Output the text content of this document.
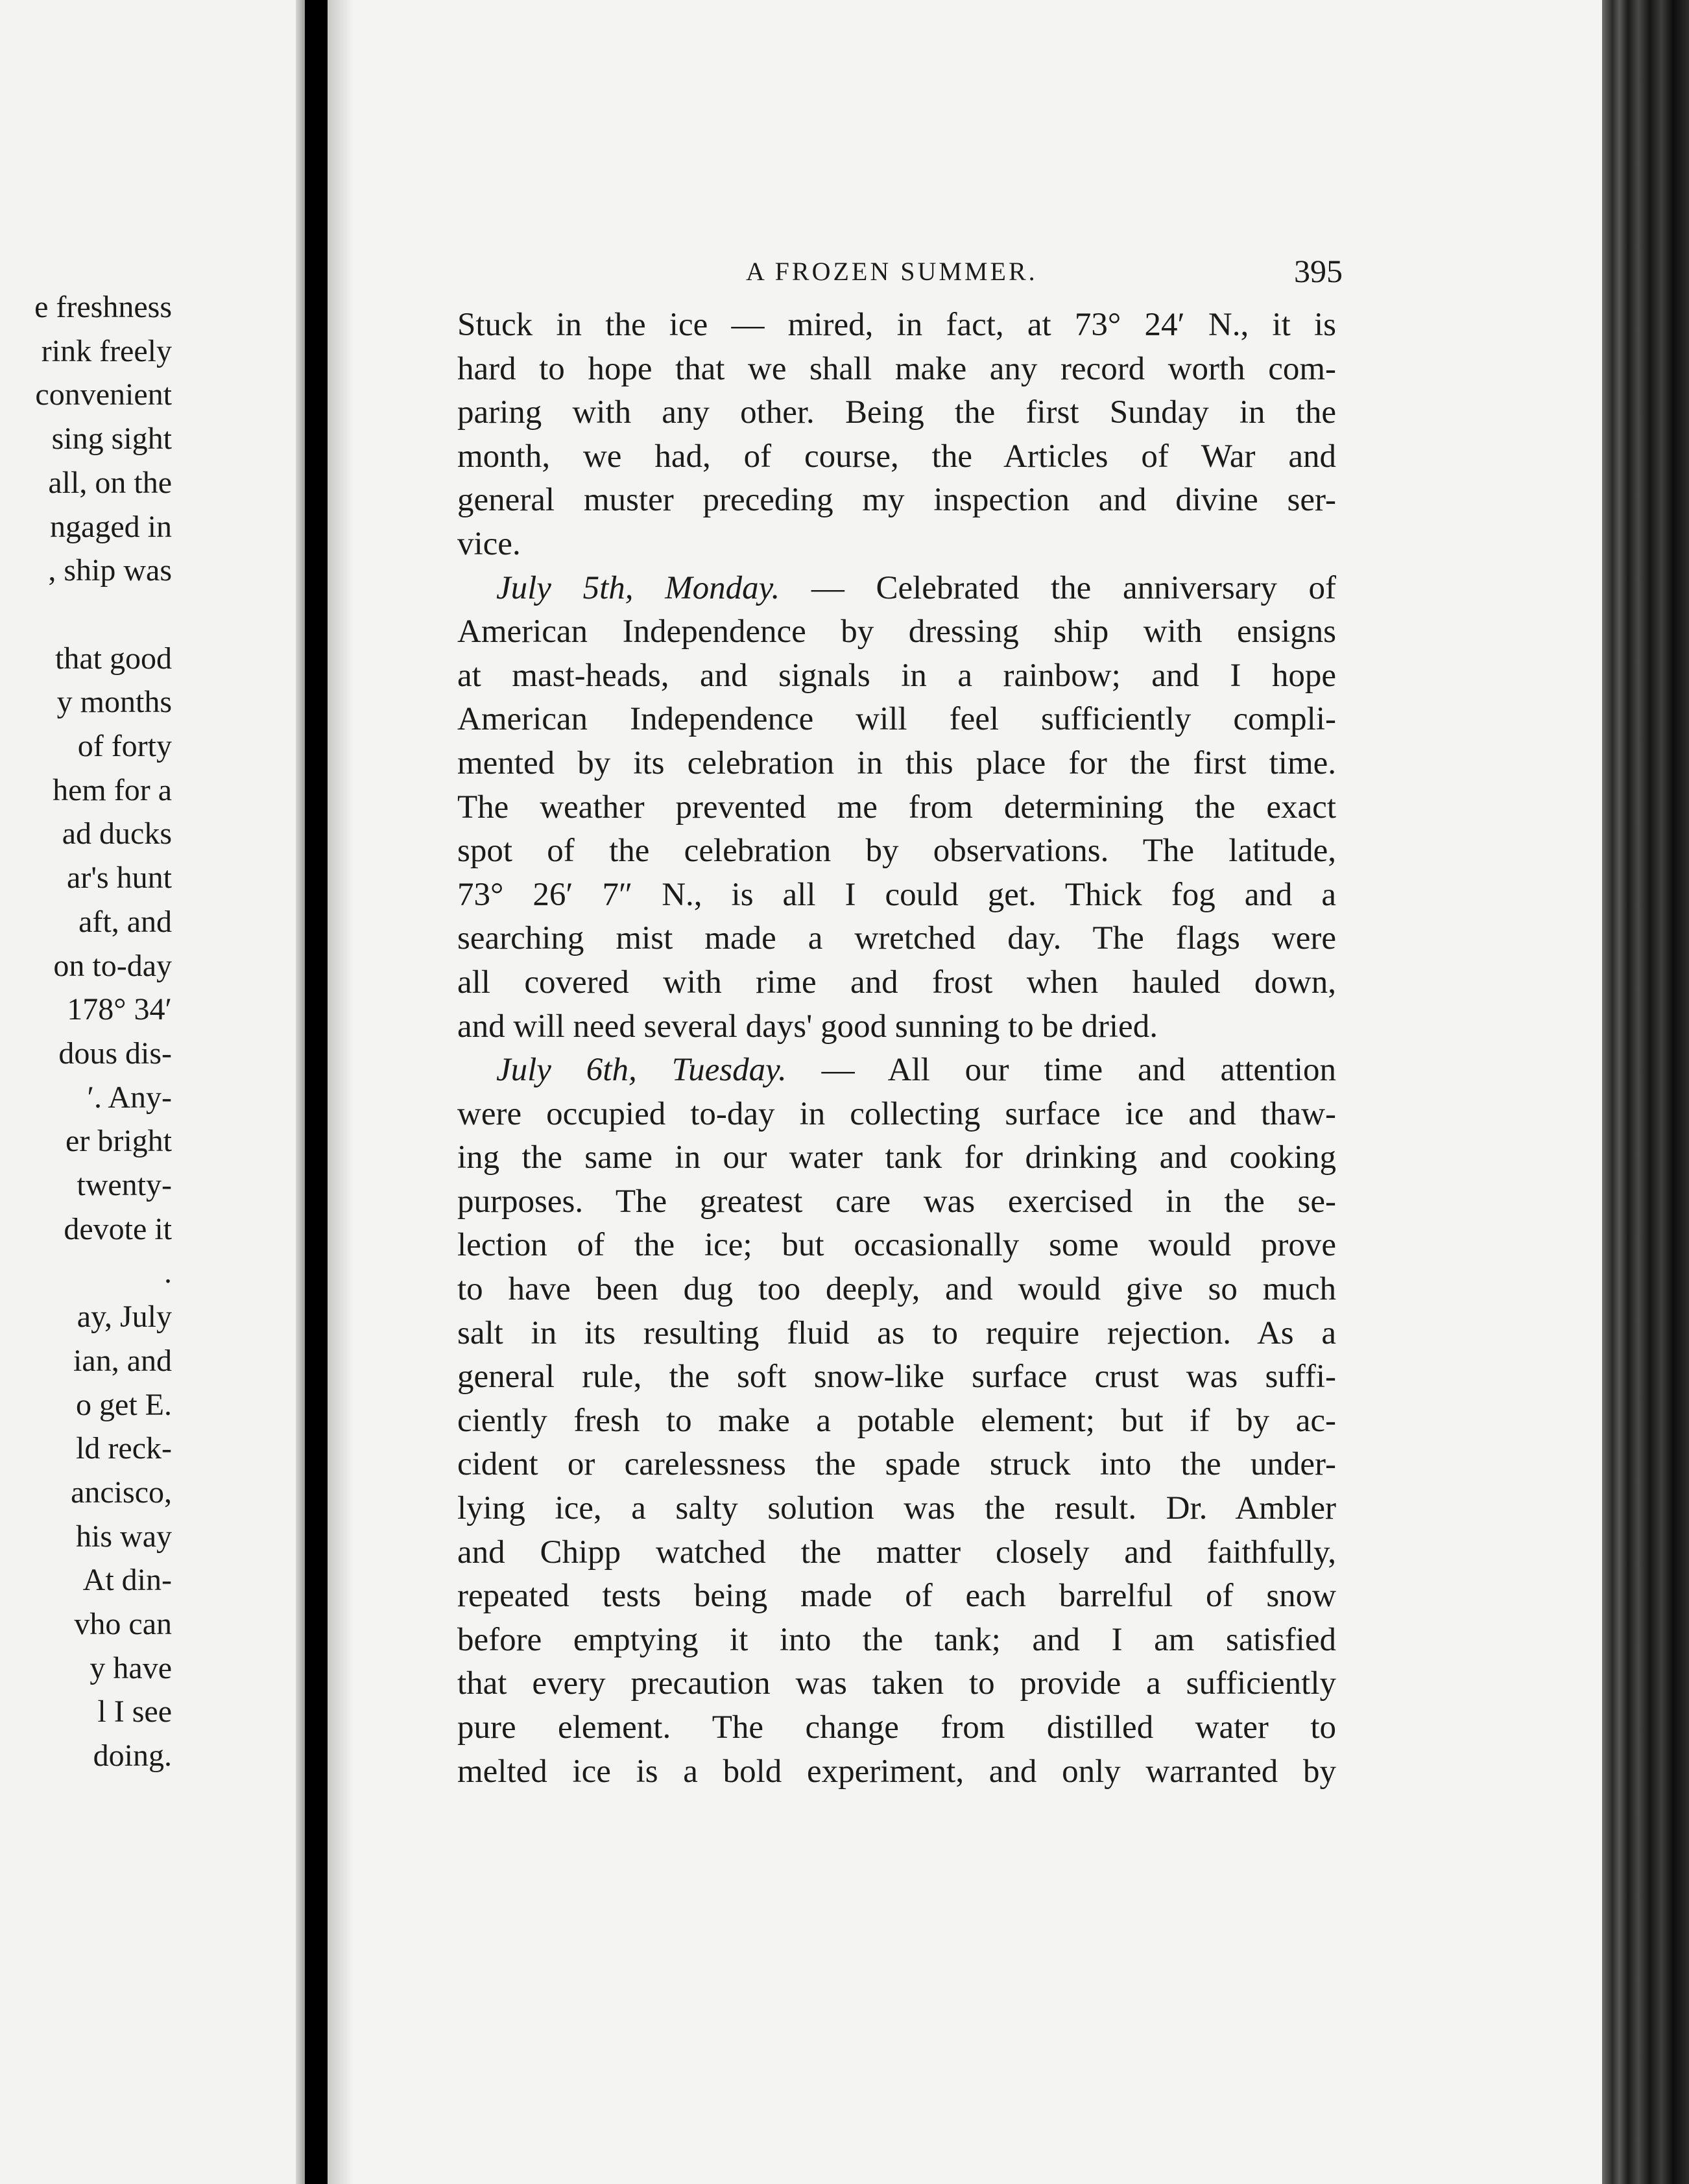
e freshness
rink freely
convenient
sing sight
all, on the
ngaged in
, ship was
that good
y months
of forty
hem for a
ad ducks
ar's hunt
aft, and
on to-day
178° 34′
dous dis-
′. Any-
er bright
twenty-
devote it
.
ay, July
ian, and
o get E.
ld reck-
ancisco,
his way
At din-
vho can
y have
l I see
doing.
A FROZEN SUMMER.	395
Stuck in the ice — mired, in fact, at 73° 24′ N., it is
hard to hope that we shall make any record worth com-
paring with any other. Being the first Sunday in the
month, we had, of course, the Articles of War and
general muster preceding my inspection and divine ser-
vice.
July 5th, Monday. — Celebrated the anniversary of
American Independence by dressing ship with ensigns
at mast-heads, and signals in a rainbow; and I hope
American Independence will feel sufficiently compli-
mented by its celebration in this place for the first time.
The weather prevented me from determining the exact
spot of the celebration by observations. The latitude,
73° 26′ 7″ N., is all I could get. Thick fog and a
searching mist made a wretched day. The flags were
all covered with rime and frost when hauled down,
and will need several days' good sunning to be dried.
July 6th, Tuesday. — All our time and attention
were occupied to-day in collecting surface ice and thaw-
ing the same in our water tank for drinking and cooking
purposes. The greatest care was exercised in the se-
lection of the ice; but occasionally some would prove
to have been dug too deeply, and would give so much
salt in its resulting fluid as to require rejection. As a
general rule, the soft snow-like surface crust was suffi-
ciently fresh to make a potable element; but if by ac-
cident or carelessness the spade struck into the under-
lying ice, a salty solution was the result. Dr. Ambler
and Chipp watched the matter closely and faithfully,
repeated tests being made of each barrelful of snow
before emptying it into the tank; and I am satisfied
that every precaution was taken to provide a sufficiently
pure element. The change from distilled water to
melted ice is a bold experiment, and only warranted by
